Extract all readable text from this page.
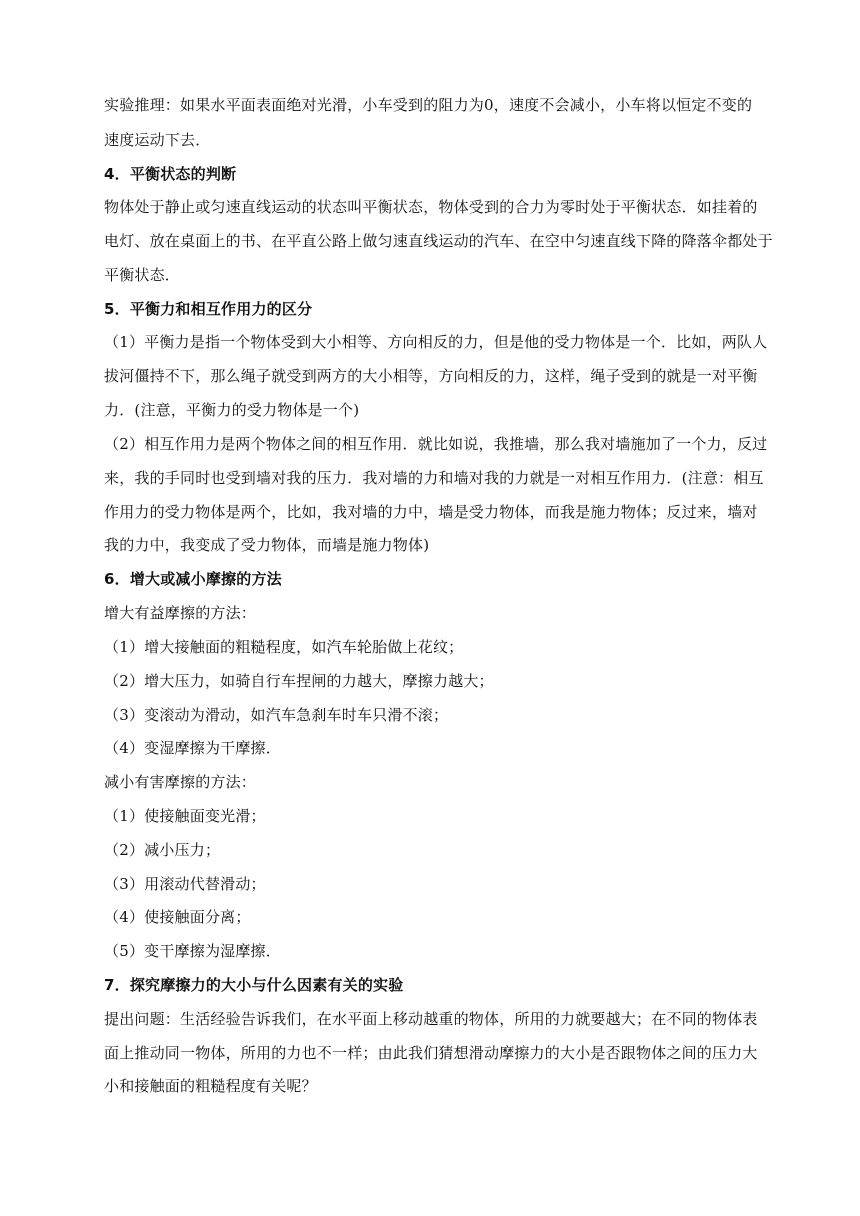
实验推理：如果水平面表面绝对光滑，小车受到的阻力为0，速度不会减小，小车将以恒定不变的
速度运动下去．
4．平衡状态的判断
物体处于静止或匀速直线运动的状态叫平衡状态，物体受到的合力为零时处于平衡状态．如挂着的
电灯、放在桌面上的书、在平直公路上做匀速直线运动的汽车、在空中匀速直线下降的降落伞都处于
平衡状态．
5．平衡力和相互作用力的区分
（1）平衡力是指一个物体受到大小相等、方向相反的力，但是他的受力物体是一个．比如，两队人
拔河僵持不下，那么绳子就受到两方的大小相等，方向相反的力，这样，绳子受到的就是一对平衡
力．(注意，平衡力的受力物体是一个)
（2）相互作用力是两个物体之间的相互作用．就比如说，我推墙，那么我对墙施加了一个力，反过
来，我的手同时也受到墙对我的压力．我对墙的力和墙对我的力就是一对相互作用力．(注意：相互
作用力的受力物体是两个，比如，我对墙的力中，墙是受力物体，而我是施力物体；反过来，墙对
我的力中，我变成了受力物体，而墙是施力物体)
6．增大或减小摩擦的方法
增大有益摩擦的方法：
（1）增大接触面的粗糙程度，如汽车轮胎做上花纹；
（2）增大压力，如骑自行车捏闸的力越大，摩擦力越大；
（3）变滚动为滑动，如汽车急刹车时车只滑不滚；
（4）变湿摩擦为干摩擦．
减小有害摩擦的方法：
（1）使接触面变光滑；
（2）减小压力；
（3）用滚动代替滑动；
（4）使接触面分离；
（5）变干摩擦为湿摩擦．
7．探究摩擦力的大小与什么因素有关的实验
提出问题：生活经验告诉我们，在水平面上移动越重的物体，所用的力就要越大；在不同的物体表
面上推动同一物体，所用的力也不一样；由此我们猜想滑动摩擦力的大小是否跟物体之间的压力大
小和接触面的粗糙程度有关呢？
